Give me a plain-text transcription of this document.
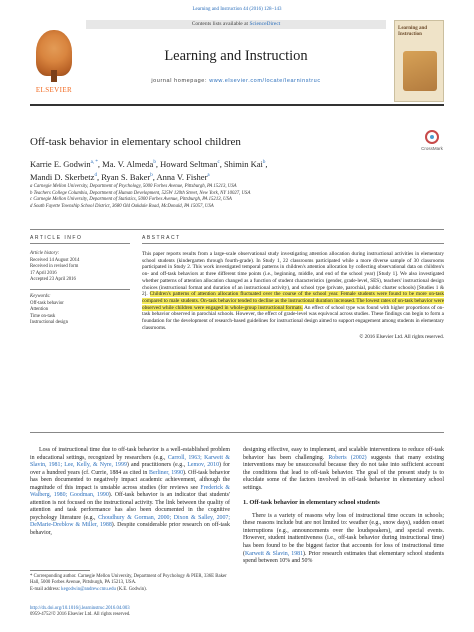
Learning and Instruction 44 (2016) 128–143
ELSEVIER
Contents lists available at ScienceDirect
Learning and Instruction
journal homepage: www.elsevier.com/locate/learninstruc
Learning and Instruction
Off-task behavior in elementary school children
CrossMark
Karrie E. Godwin$^{a, *}$, Ma. V. Almeda$^b$, Howard Seltman$^c$, Shimin Kai$^b$,
Mandi D. Skerbetz$^d$, Ryan S. Baker$^b$, Anna V. Fisher$^a$
a Carnegie Mellon University, Department of Psychology, 5000 Forbes Avenue, Pittsburgh, PA 15213, USA
b Teachers College Columbia, Department of Human Development, 525W 120th Street, New York, NY 10027, USA
c Carnegie Mellon University, Department of Statistics, 5000 Forbes Avenue, Pittsburgh, PA 15213, USA
d South Fayette Township School District, 3680 Old Oakdale Road, McDonald, PA 15057, USA
ARTICLE INFO
Article history:
Received 14 August 2014
Received in revised form
17 April 2016
Accepted 23 April 2016
Keywords:
Off-task behavior
Attention
Time on-task
Instructional design
ABSTRACT
This paper reports results from a large-scale observational study investigating attention allocation during instructional activities in elementary school students (kindergarten through fourth-grade). In Study 1, 22 classrooms participated while a more diverse sample of 30 classrooms participated in Study 2. This work investigated temporal patterns in children's attention allocation by collecting observational data on children's on- and off-task behaviors at three different time points (i.e., beginning, middle, and end of the school year) [Study 1]. We also investigated whether patterns of attention allocation changed as a function of student characteristics (gender, grade-level, SES), teachers' instructional design choices (instructional format and duration of an instructional activity), and school type (private, parochial, public charter schools) [Studies 1 & 2]. Children's patterns of attention allocation fluctuated over the course of the school year. Female students were found to be more on-task compared to male students. On-task behavior tended to decline as the instructional duration increased. The lowest rates of on-task behavior were observed while children were engaged in whole-group instructional formats. An effect of school type was found with higher proportions of on-task behavior observed in parochial schools. However, the effect of grade-level was equivocal across studies. These findings can begin to form a foundation for the development of research-based guidelines for instructional design aimed to support engagement among students in elementary classrooms.
© 2016 Elsevier Ltd. All rights reserved.
Loss of instructional time due to off-task behavior is a well-established problem in educational settings, recognized by researchers (e.g., Carroll, 1963; Karweit & Slavin, 1981; Lee, Kelly, & Nyre, 1999) and practitioners (e.g., Lemov, 2010) for over a hundred years (cf. Currie, 1884 as cited in Berliner, 1990). Off-task behavior has been documented to negatively impact academic achievement, although the magnitude of this impact is unstable across studies (for reviews see Frederick & Walberg, 1980; Goodman, 1990). Off-task behavior is an indicator that students' attention is not focused on the instructional activity. The link between the quality of attention and task performance has also been documented in the cognitive psychology literature (e.g., Choudhury & Gorman, 2000; Dixon & Salley, 2007; DeMarie-Dreblow & Miller, 1988). Despite considerable prior research on off-task behavior,
designing effective, easy to implement, and scalable interventions to reduce off-task behavior has been challenging. Roberts (2002) suggests that many existing interventions may be unsuccessful because they do not take into sufficient account the conditions that lead to off-task behavior. The goal of the present study is to elucidate some of the factors involved in off-task behavior in elementary school settings.
1. Off-task behavior in elementary school students
There is a variety of reasons why loss of instructional time occurs in schools; these reasons include but are not limited to: weather (e.g., snow days), sudden onset interruptions (e.g., announcements over the loudspeakers), and special events. However, student inattentiveness (i.e., off-task behavior during instructional time) has been found to be the biggest factor that accounts for loss of instructional time (Karweit & Slavin, 1981). Prior research estimates that elementary school students spend between 10% and 50%
* Corresponding author. Carnegie Mellon University, Department of Psychology & PIER, 336E Baker Hall, 5000 Forbes Avenue, Pittsburgh, PA 15213, USA.
E-mail address: kegodwin@andrew.cmu.edu (K.E. Godwin).
http://dx.doi.org/10.1016/j.learninstruc.2016.04.003
0959-4752/© 2016 Elsevier Ltd. All rights reserved.
